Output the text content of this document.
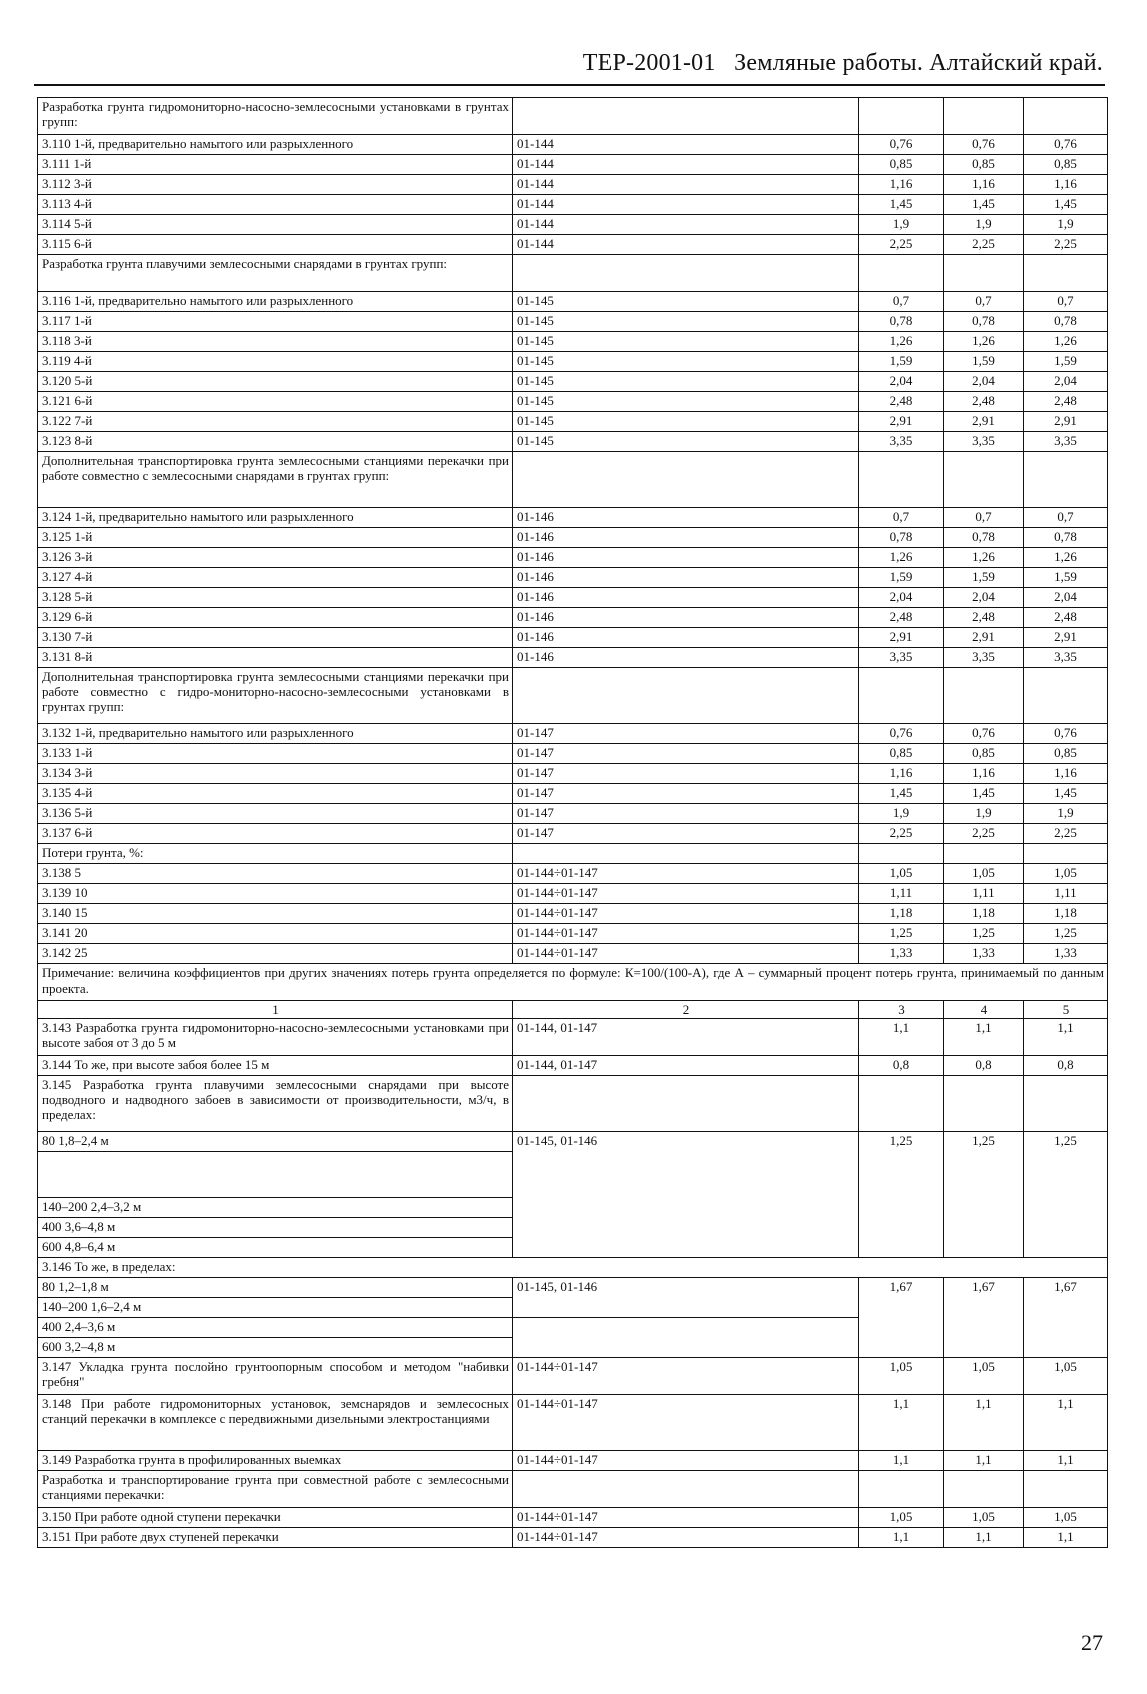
ТЕР-2001-01   Земляные работы. Алтайский край.
Разработка грунта гидромониторно-насосно-землесосными установками в грунтах групп:				
3.110 1-й, предварительно намытого или разрыхленного	01-144	0,76	0,76	0,76
3.111 1-й	01-144	0,85	0,85	0,85
3.112 3-й	01-144	1,16	1,16	1,16
3.113 4-й	01-144	1,45	1,45	1,45
3.114 5-й	01-144	1,9	1,9	1,9
3.115 6-й	01-144	2,25	2,25	2,25
Разработка грунта плавучими землесосными снарядами в грунтах групп:				
3.116 1-й, предварительно намытого или разрыхленного	01-145	0,7	0,7	0,7
3.117 1-й	01-145	0,78	0,78	0,78
3.118 3-й	01-145	1,26	1,26	1,26
3.119 4-й	01-145	1,59	1,59	1,59
3.120 5-й	01-145	2,04	2,04	2,04
3.121 6-й	01-145	2,48	2,48	2,48
3.122 7-й	01-145	2,91	2,91	2,91
3.123 8-й	01-145	3,35	3,35	3,35
Дополнительная транспортировка грунта землесосными станциями перекачки при работе совместно с землесосными снарядами в грунтах групп:				
3.124 1-й, предварительно намытого или разрыхленного	01-146	0,7	0,7	0,7
3.125 1-й	01-146	0,78	0,78	0,78
3.126 3-й	01-146	1,26	1,26	1,26
3.127 4-й	01-146	1,59	1,59	1,59
3.128 5-й	01-146	2,04	2,04	2,04
3.129 6-й	01-146	2,48	2,48	2,48
3.130 7-й	01-146	2,91	2,91	2,91
3.131 8-й	01-146	3,35	3,35	3,35
Дополнительная транспортировка грунта землесосными станциями перекачки при работе совместно с гидро-мониторно-насосно-землесосными установками в грунтах групп:				
3.132 1-й, предварительно намытого или разрыхленного	01-147	0,76	0,76	0,76
3.133 1-й	01-147	0,85	0,85	0,85
3.134 3-й	01-147	1,16	1,16	1,16
3.135 4-й	01-147	1,45	1,45	1,45
3.136 5-й	01-147	1,9	1,9	1,9
3.137 6-й	01-147	2,25	2,25	2,25
Потери грунта, %:				
3.138 5	01-144÷01-147	1,05	1,05	1,05
3.139 10	01-144÷01-147	1,11	1,11	1,11
3.140 15	01-144÷01-147	1,18	1,18	1,18
3.141 20	01-144÷01-147	1,25	1,25	1,25
3.142 25	01-144÷01-147	1,33	1,33	1,33
Примечание: величина коэффициентов при других значениях потерь грунта определяется по формуле: К=100/(100-А), где А – суммарный процент потерь грунта, принимаемый по данным проекта.				
1	2	3	4	5
3.143 Разработка грунта гидромониторно-насосно-землесосными установками при высоте забоя от 3 до 5 м	01-144, 01-147	1,1	1,1	1,1
3.144 То же, при высоте забоя более 15 м	01-144, 01-147	0,8	0,8	0,8
3.145 Разработка грунта плавучими землесосными снарядами при высоте подводного и надводного забоев в зависимости от производительности, м3/ч, в пределах:				
80 1,8–2,4 м	01-145, 01-146	1,25	1,25	1,25

140–200 2,4–3,2 м				
400 3,6–4,8 м				
600 4,8–6,4 м				
3.146 То же, в пределах:				
80 1,2–1,8 м	01-145, 01-146	1,67	1,67	1,67
140–200 1,6–2,4 м				
400 2,4–3,6 м				
600 3,2–4,8 м				
3.147 Укладка грунта послойно грунтоопорным способом и методом "набивки гребня"	01-144÷01-147	1,05	1,05	1,05
3.148 При работе гидромониторных установок, земснарядов и землесосных станций перекачки в комплексе с передвижными дизельными электростанциями	01-144÷01-147	1,1	1,1	1,1
3.149 Разработка грунта в профилированных выемках	01-144÷01-147	1,1	1,1	1,1
Разработка и транспортирование грунта при совместной работе с землесосными станциями перекачки:				
3.150 При работе одной ступени перекачки	01-144÷01-147	1,05	1,05	1,05
3.151 При работе двух ступеней перекачки	01-144÷01-147	1,1	1,1	1,1
27
